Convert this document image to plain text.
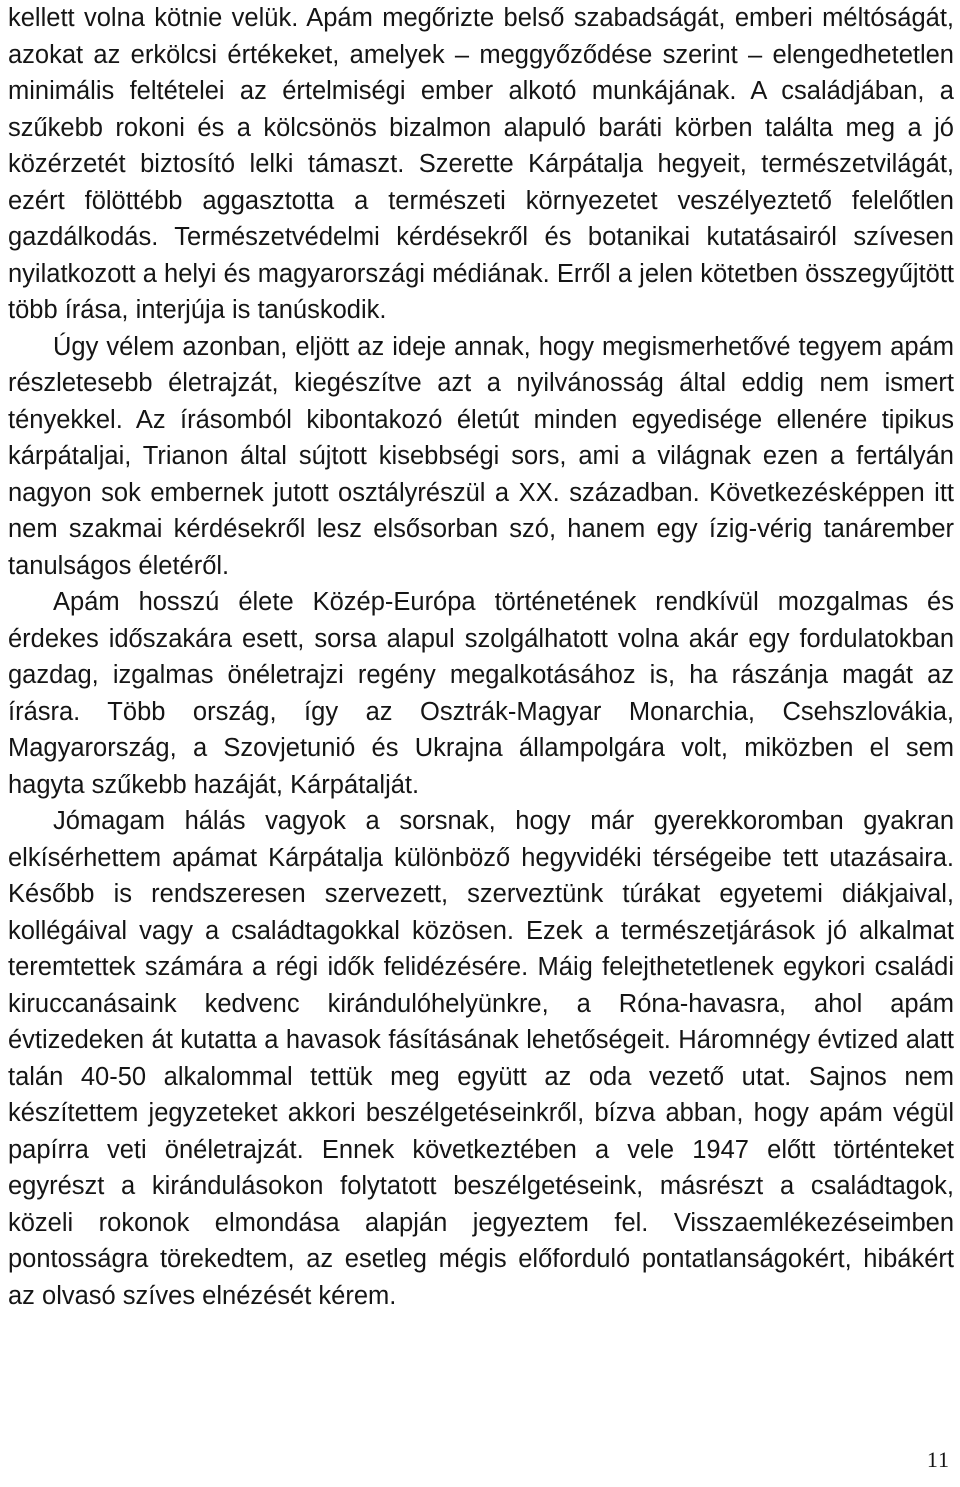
kellett volna kötnie velük. Apám megőrizte belső szabadságát, emberi méltóságát, azokat az erkölcsi értékeket, amelyek – meggyőződése szerint – elengedhetetlen minimális feltételei az értelmiségi ember alkotó munkájának. A családjában, a szűkebb rokoni és a kölcsönös bizalmon alapuló baráti körben találta meg a jó közérzetét biztosító lelki támaszt. Szerette Kárpátalja hegyeit, természetvilágát, ezért fölöttébb aggasztotta a természeti környezetet veszélyeztető felelőtlen gazdálkodás. Természetvédelmi kérdésekről és botanikai kutatásairól szívesen nyilatkozott a helyi és magyarországi médiának. Erről a jelen kötetben összegyűjtött több írása, interjúja is tanúskodik.

Úgy vélem azonban, eljött az ideje annak, hogy megismerhetővé tegyem apám részletesebb életrajzát, kiegészítve azt a nyilvánosság által eddig nem ismert tényekkel. Az írásomból kibontakozó életút minden egyedisége ellenére tipikus kárpátaljai, Trianon által sújtott kisebbségi sors, ami a világnak ezen a fertályán nagyon sok embernek jutott osztályrészül a XX. században. Következésképpen itt nem szakmai kérdésekről lesz elsősorban szó, hanem egy ízig-vérig tanárember tanulságos életéről.

Apám hosszú élete Közép-Európa történetének rendkívül mozgalmas és érdekes időszakára esett, sorsa alapul szolgálhatott volna akár egy fordulatokban gazdag, izgalmas önéletrajzi regény megalkotásához is, ha rászánja magát az írásra. Több ország, így az Osztrák-Magyar Monarchia, Csehszlovákia, Magyarország, a Szovjetunió és Ukrajna állampolgára volt, miközben el sem hagyta szűkebb hazáját, Kárpátalját.

Jómagam hálás vagyok a sorsnak, hogy már gyerekkoromban gyakran elkísérhettem apámat Kárpátalja különböző hegyvidéki térségeibe tett utazásaira. Később is rendszeresen szervezett, szerveztünk túrákat egyetemi diákjaival, kollégáival vagy a családtagokkal közösen. Ezek a természetjárások jó alkalmat teremtettek számára a régi idők felidézésére. Máig felejthetetlenek egykori családi kiruccanásaink kedvenc kirándulóhelyünkre, a Róna-havasra, ahol apám évtizedeken át kutatta a havasok fásításának lehetőségeit. Háromnégy évtized alatt talán 40-50 alkalommal tettük meg együtt az oda vezető utat. Sajnos nem készítettem jegyzeteket akkori beszélgetéseinkről, bízva abban, hogy apám végül papírra veti önéletrajzát. Ennek következtében a vele 1947 előtt történteket egyrészt a kirándulásokon folytatott beszélgetéseink, másrészt a családtagok, közeli rokonok elmondása alapján jegyeztem fel. Visszaemlékezéseimben pontosságra törekedtem, az esetleg mégis előforduló pontatlanságokért, hibákért az olvasó szíves elnézését kérem.

11
